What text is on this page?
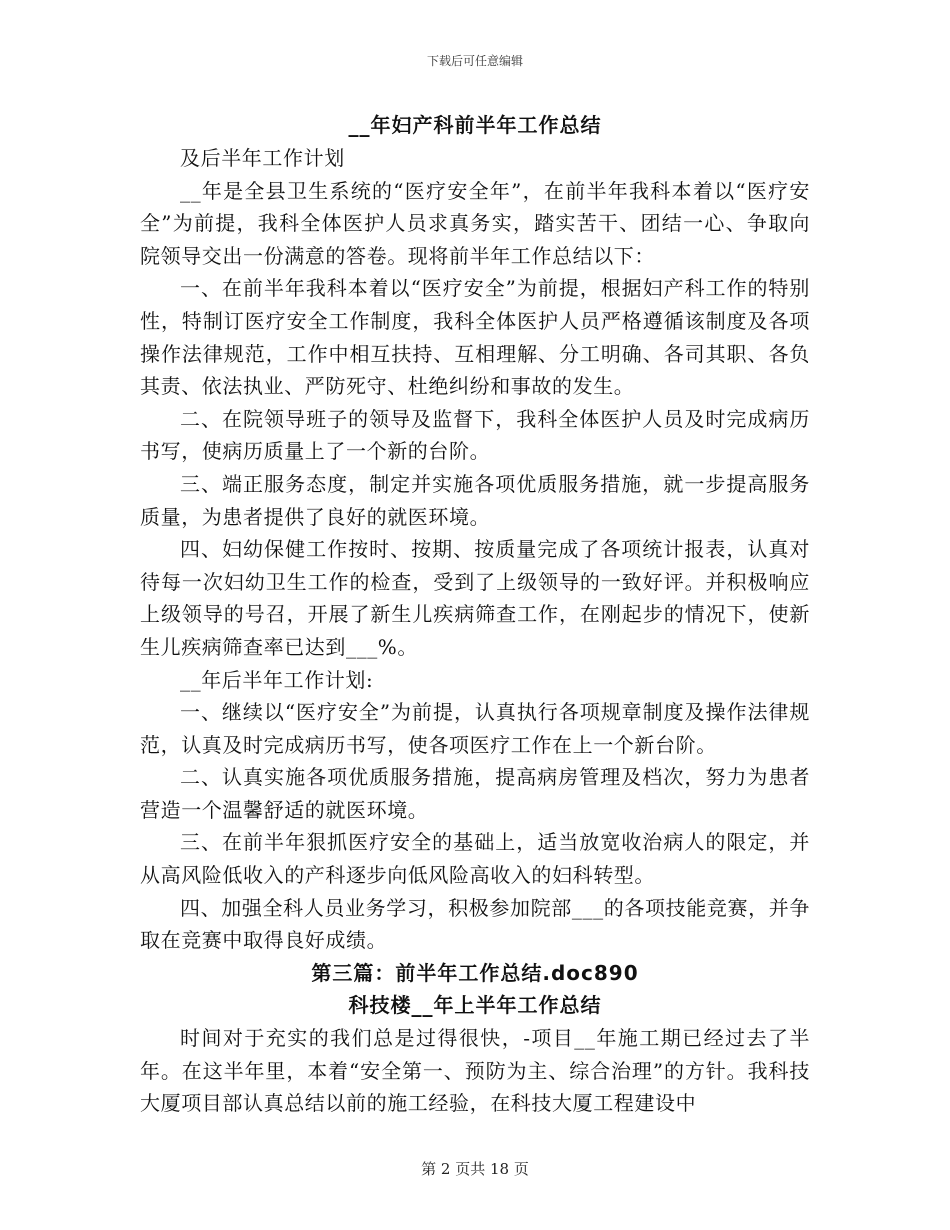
下载后可任意编辑

__年妇产科前半年工作总结

及后半年工作计划

__年是全县卫生系统的“医疗安全年”，在前半年我科本着以“医疗安全”为前提，我科全体医护人员求真务实，踏实苦干、团结一心、争取向院领导交出一份满意的答卷。现将前半年工作总结以下：

一、在前半年我科本着以“医疗安全”为前提，根据妇产科工作的特别性，特制订医疗安全工作制度，我科全体医护人员严格遵循该制度及各项操作法律规范，工作中相互扶持、互相理解、分工明确、各司其职、各负其责、依法执业、严防死守、杜绝纠纷和事故的发生。

二、在院领导班子的领导及监督下，我科全体医护人员及时完成病历书写，使病历质量上了一个新的台阶。

三、端正服务态度，制定并实施各项优质服务措施，就一步提高服务质量，为患者提供了良好的就医环境。

四、妇幼保健工作按时、按期、按质量完成了各项统计报表，认真对待每一次妇幼卫生工作的检查，受到了上级领导的一致好评。并积极响应上级领导的号召，开展了新生儿疾病筛查工作，在刚起步的情况下，使新生儿疾病筛查率已达到___%。

__年后半年工作计划:

一、继续以“医疗安全”为前提，认真执行各项规章制度及操作法律规范，认真及时完成病历书写，使各项医疗工作在上一个新台阶。

二、认真实施各项优质服务措施，提高病房管理及档次，努力为患者营造一个温馨舒适的就医环境。

三、在前半年狠抓医疗安全的基础上，适当放宽收治病人的限定，并从高风险低收入的产科逐步向低风险高收入的妇科转型。

四、加强全科人员业务学习，积极参加院部___的各项技能竞赛，并争取在竞赛中取得良好成绩。

第三篇：前半年工作总结.doc890

科技楼__年上半年工作总结

时间对于充实的我们总是过得很快，-项目__年施工期已经过去了半年。在这半年里，本着“安全第一、预防为主、综合治理”的方针。我科技大厦项目部认真总结以前的施工经验，在科技大厦工程建设中

第 2 页共 18 页
